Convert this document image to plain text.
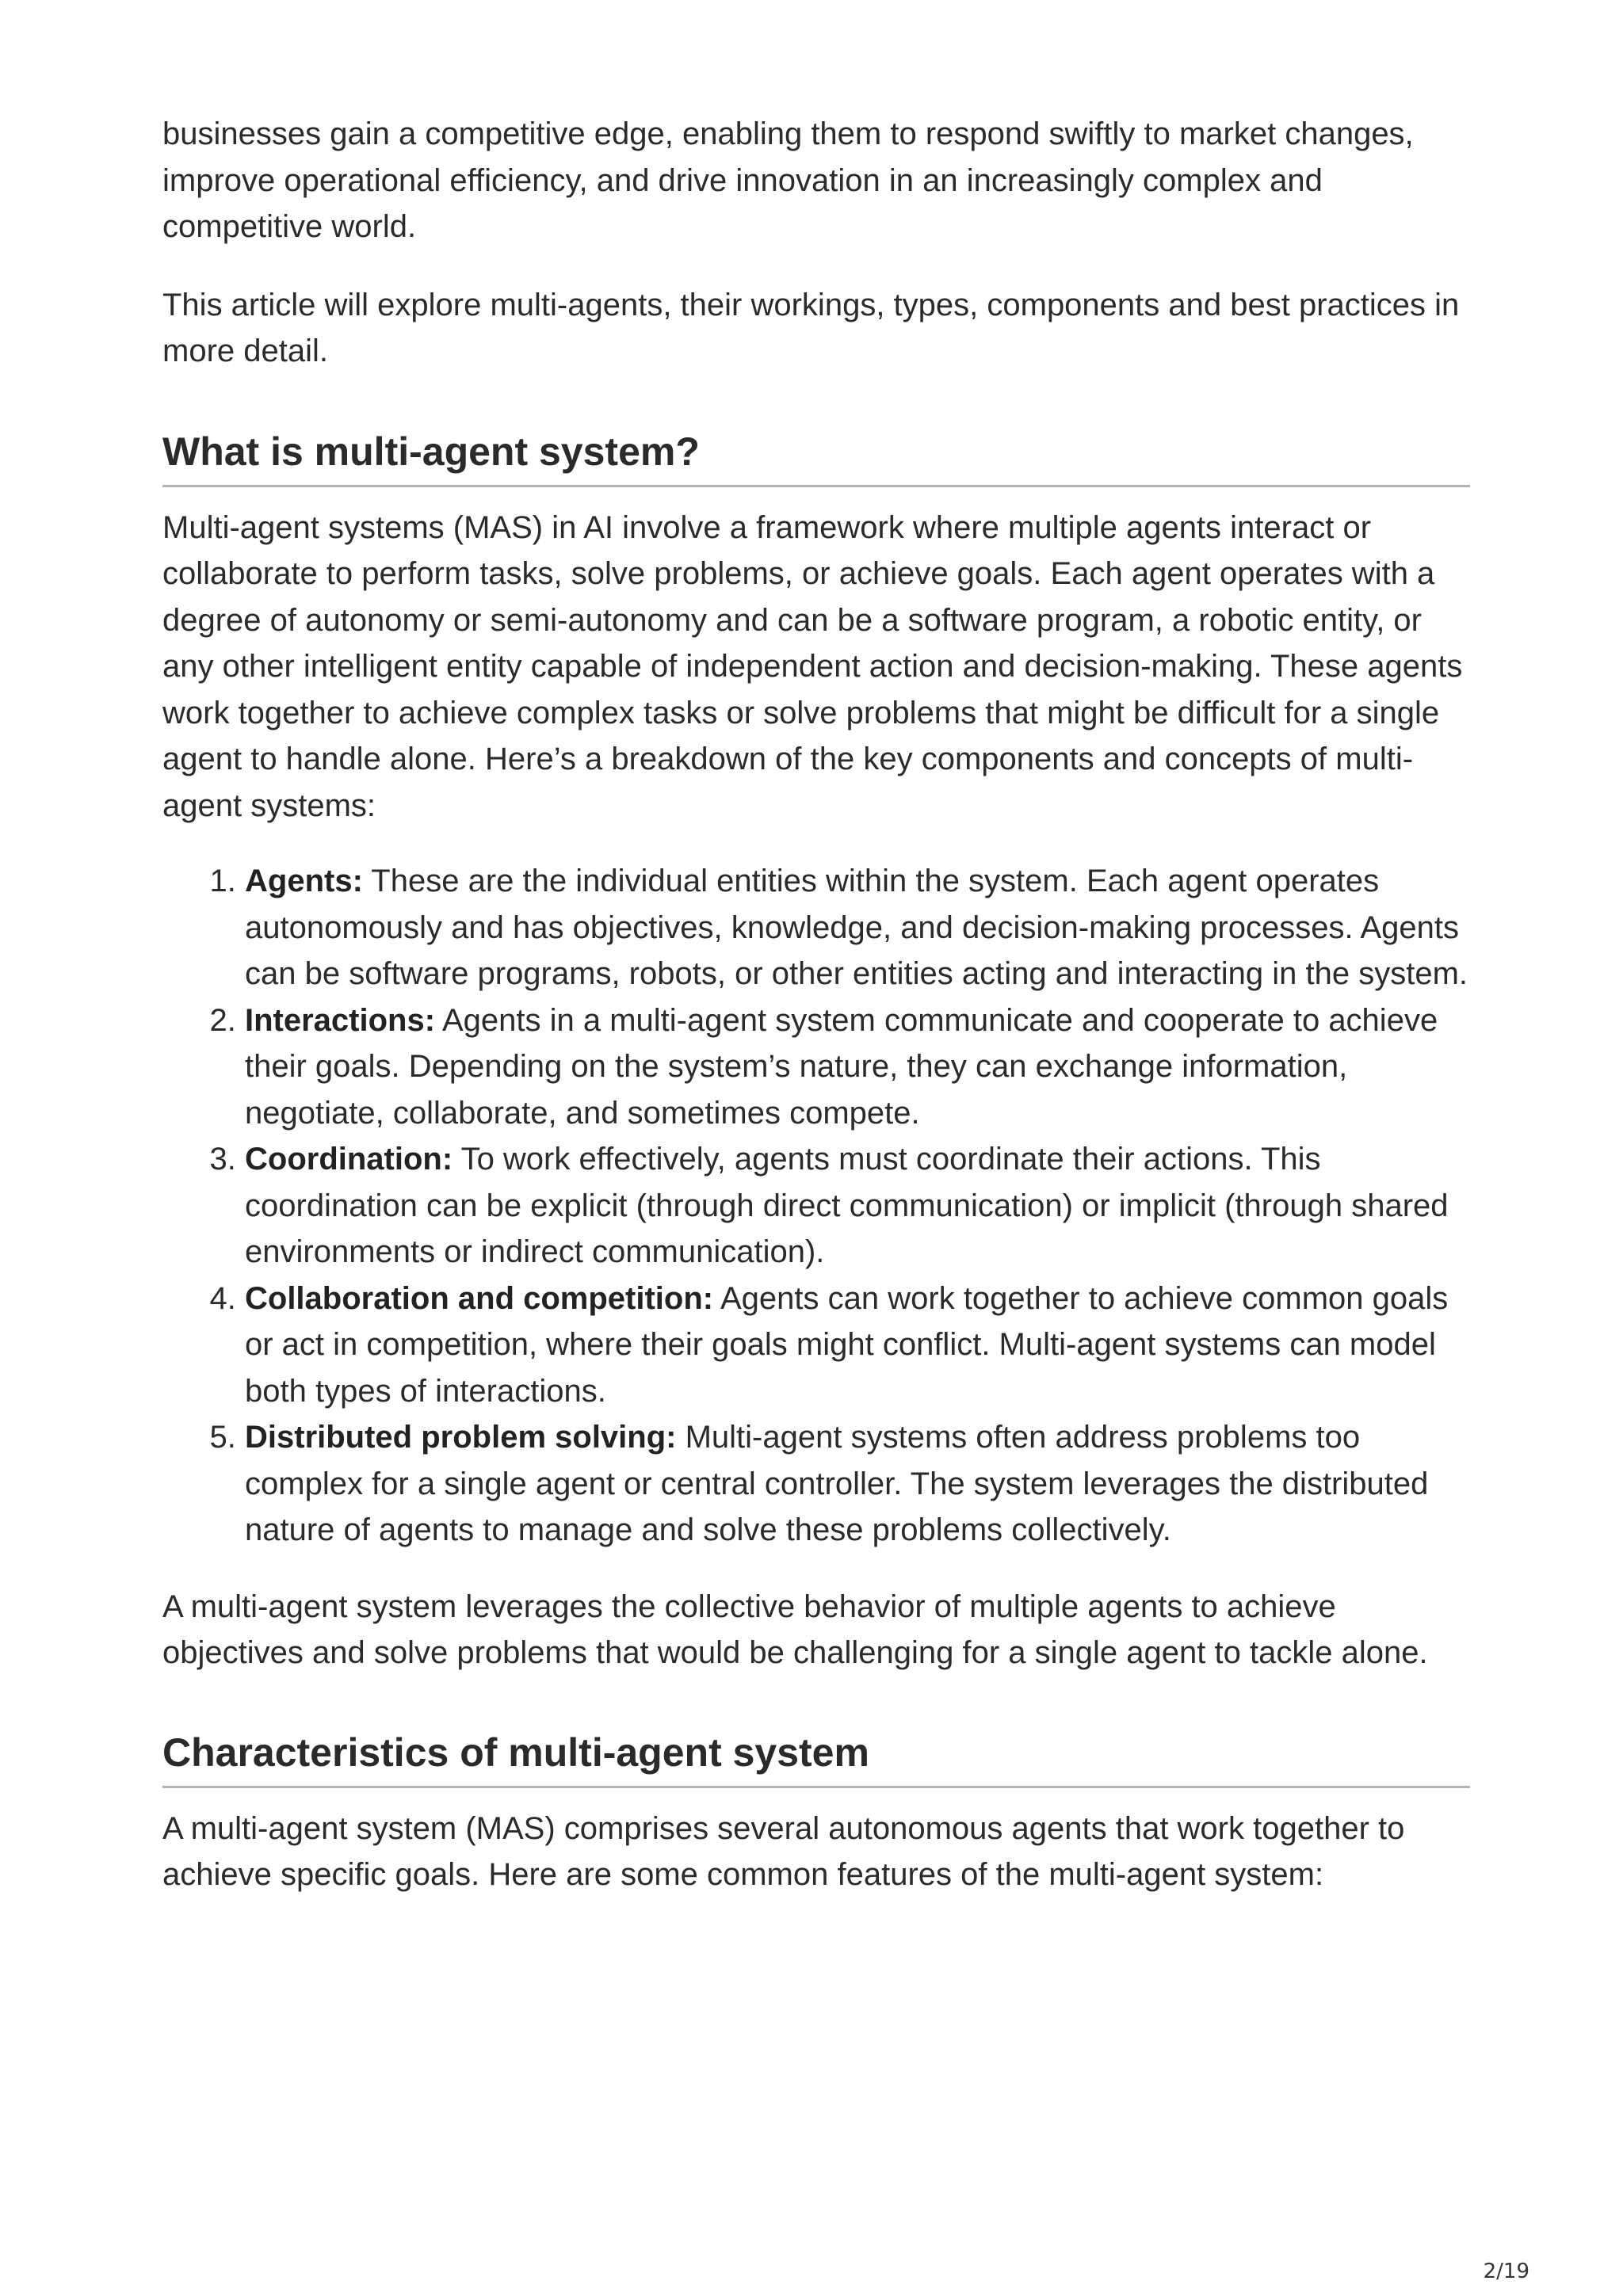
businesses gain a competitive edge, enabling them to respond swiftly to market changes, improve operational efficiency, and drive innovation in an increasingly complex and competitive world.

This article will explore multi-agents, their workings, types, components and best practices in more detail.

What is multi-agent system?

Multi-agent systems (MAS) in AI involve a framework where multiple agents interact or collaborate to perform tasks, solve problems, or achieve goals. Each agent operates with a degree of autonomy or semi-autonomy and can be a software program, a robotic entity, or any other intelligent entity capable of independent action and decision-making. These agents work together to achieve complex tasks or solve problems that might be difficult for a single agent to handle alone. Here’s a breakdown of the key components and concepts of multi-agent systems:

1. Agents: These are the individual entities within the system. Each agent operates autonomously and has objectives, knowledge, and decision-making processes. Agents can be software programs, robots, or other entities acting and interacting in the system.
2. Interactions: Agents in a multi-agent system communicate and cooperate to achieve their goals. Depending on the system’s nature, they can exchange information, negotiate, collaborate, and sometimes compete.
3. Coordination: To work effectively, agents must coordinate their actions. This coordination can be explicit (through direct communication) or implicit (through shared environments or indirect communication).
4. Collaboration and competition: Agents can work together to achieve common goals or act in competition, where their goals might conflict. Multi-agent systems can model both types of interactions.
5. Distributed problem solving: Multi-agent systems often address problems too complex for a single agent or central controller. The system leverages the distributed nature of agents to manage and solve these problems collectively.

A multi-agent system leverages the collective behavior of multiple agents to achieve objectives and solve problems that would be challenging for a single agent to tackle alone.

Characteristics of multi-agent system

A multi-agent system (MAS) comprises several autonomous agents that work together to achieve specific goals. Here are some common features of the multi-agent system:

2/19
